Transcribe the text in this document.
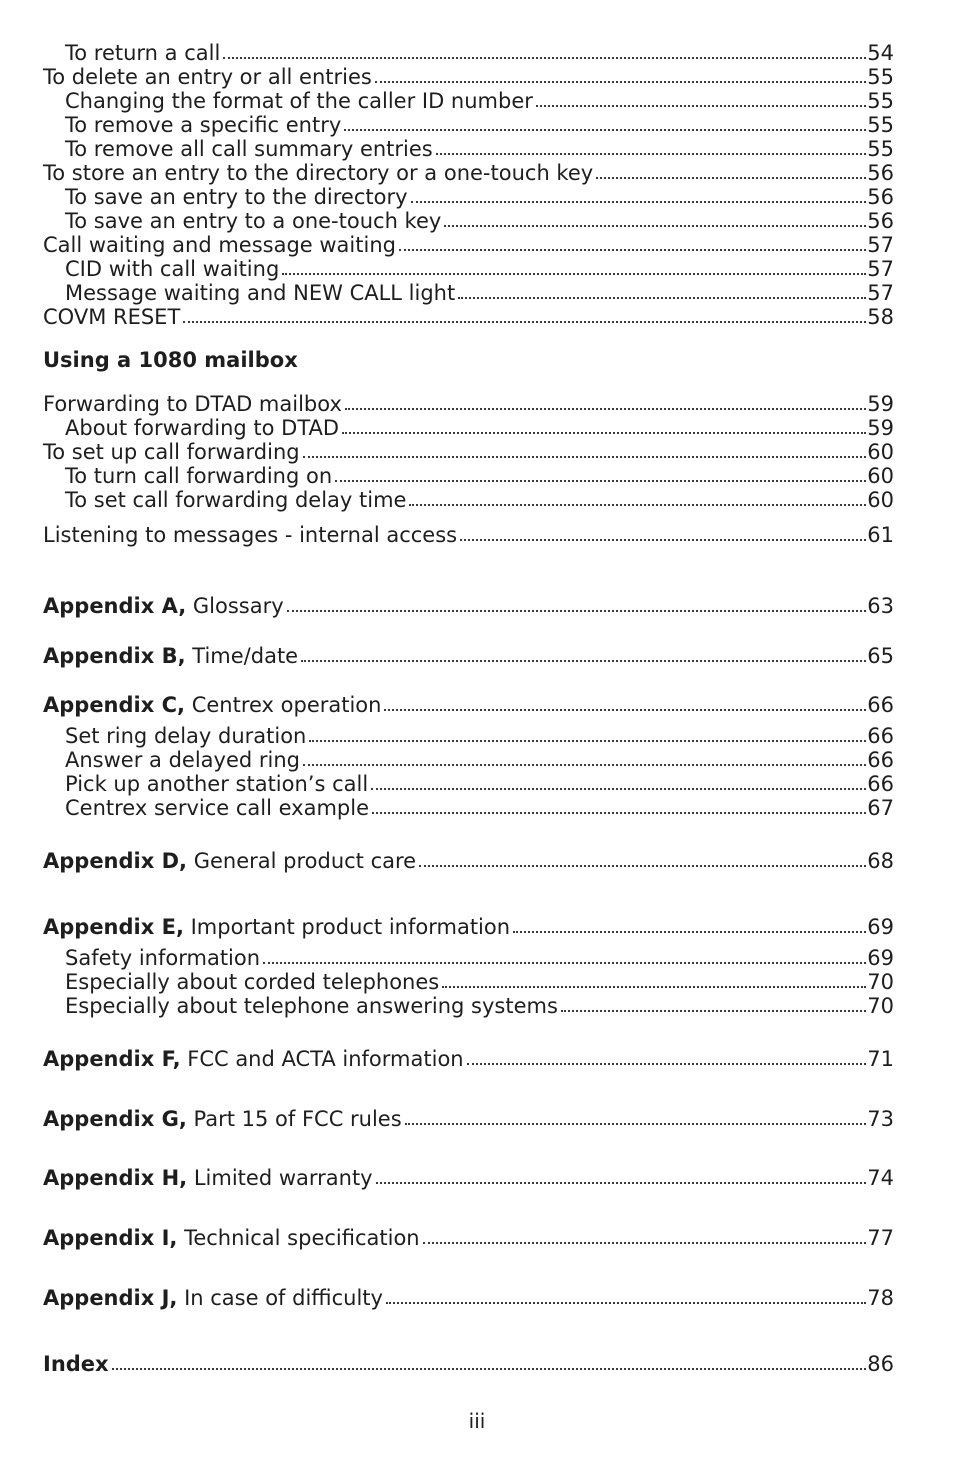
To return a call	54
To delete an entry or all entries	55
Changing the format of the caller ID number	55
To remove a specific entry	55
To remove all call summary entries	55
To store an entry to the directory or a one-touch key	56
To save an entry to the directory	56
To save an entry to a one-touch key	56
Call waiting and message waiting	57
CID with call waiting	57
Message waiting and NEW CALL light	57
COVM RESET	58
Forwarding to DTAD mailbox	59
About forwarding to DTAD	59
To set up call forwarding	60
To turn call forwarding on	60
To set call forwarding delay time	60
Listening to messages - internal access	61
Appendix A, Glossary	63
Appendix B, Time/date	65
Appendix C, Centrex operation	66
Set ring delay duration	66
Answer a delayed ring	66
Pick up another station’s call	66
Centrex service call example	67
Appendix D, General product care	68
Appendix E, Important product information	69
Safety information	69
Especially about corded telephones	70
Especially about telephone answering systems	70
Appendix F, FCC and ACTA information	71
Appendix G, Part 15 of FCC rules	73
Appendix H, Limited warranty	74
Appendix I, Technical specification	77
Appendix J, In case of difficulty	78
Index	86
Using a 1080 mailbox
iii
